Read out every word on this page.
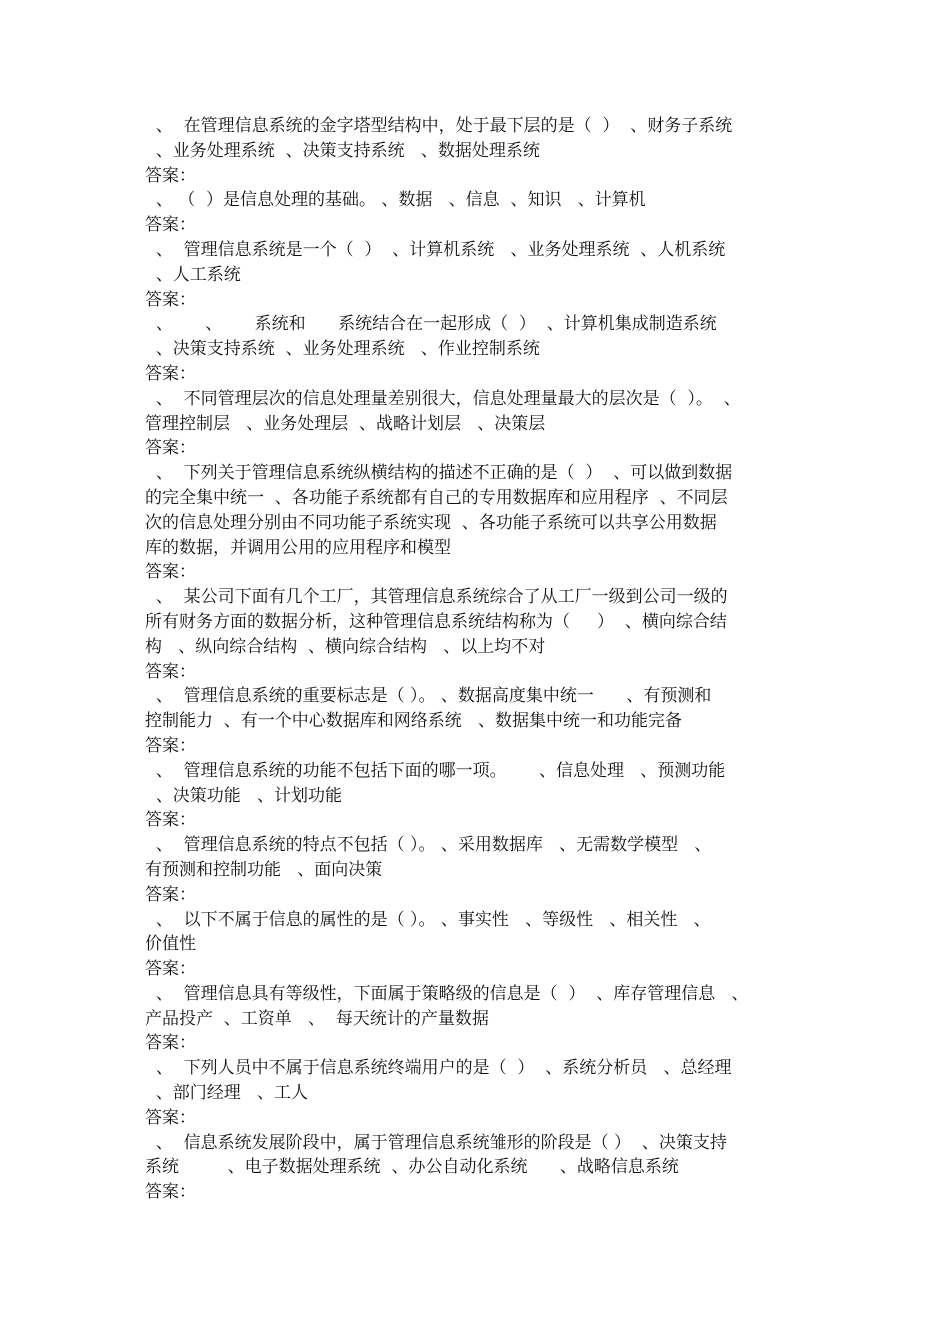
、  在管理信息系统的金字塔型结构中，处于最下层的是（  ）  、财务子系统
、业务处理系统  、决策支持系统   、数据处理系统

答案：

、 （  ）是信息处理的基础。 、数据   、信息  、知识   、计算机

答案：

、  管理信息系统是一个（  ）  、计算机系统   、业务处理系统  、人机系统
、人工系统

答案：

、      、      系统和      系统结合在一起形成（  ）  、计算机集成制造系统
、决策支持系统  、业务处理系统   、作业控制系统

答案：

、  不同管理层次的信息处理量差别很大，信息处理量最大的层次是（  ）。  、
管理控制层   、业务处理层  、战略计划层   、决策层

答案：

、  下列关于管理信息系统纵横结构的描述不正确的是（  ）  、可以做到数据
的完全集中统一  、各功能子系统都有自己的专用数据库和应用程序  、不同层
次的信息处理分别由不同功能子系统实现  、各功能子系统可以共享公用数据
库的数据，并调用公用的应用程序和模型

答案：

、  某公司下面有几个工厂，其管理信息系统综合了从工厂一级到公司一级的
所有财务方面的数据分析，这种管理信息系统结构称为（     ）  、横向综合结
构   、纵向综合结构  、横向综合结构   、以上均不对

答案：

、  管理信息系统的重要标志是（ ）。 、数据高度集中统一      、有预测和
控制能力  、有一个中心数据库和网络系统   、数据集中统一和功能完备

答案：

、  管理信息系统的功能不包括下面的哪一项。      、信息处理   、预测功能
、决策功能   、计划功能

答案：

、  管理信息系统的特点不包括（ ）。 、采用数据库   、无需数学模型   、
有预测和控制功能   、面向决策

答案：

、  以下不属于信息的属性的是（ ）。 、事实性   、等级性   、相关性   、
价值性

答案：

、  管理信息具有等级性，下面属于策略级的信息是（  ）  、库存管理信息   、
产品投产  、工资单   、  每天统计的产量数据

答案：

、  下列人员中不属于信息系统终端用户的是（  ）  、系统分析员   、总经理
、部门经理   、工人

答案：

、  信息系统发展阶段中，属于管理信息系统雏形的阶段是（ ）  、决策支持
系统         、电子数据处理系统  、办公自动化系统      、战略信息系统

答案：
